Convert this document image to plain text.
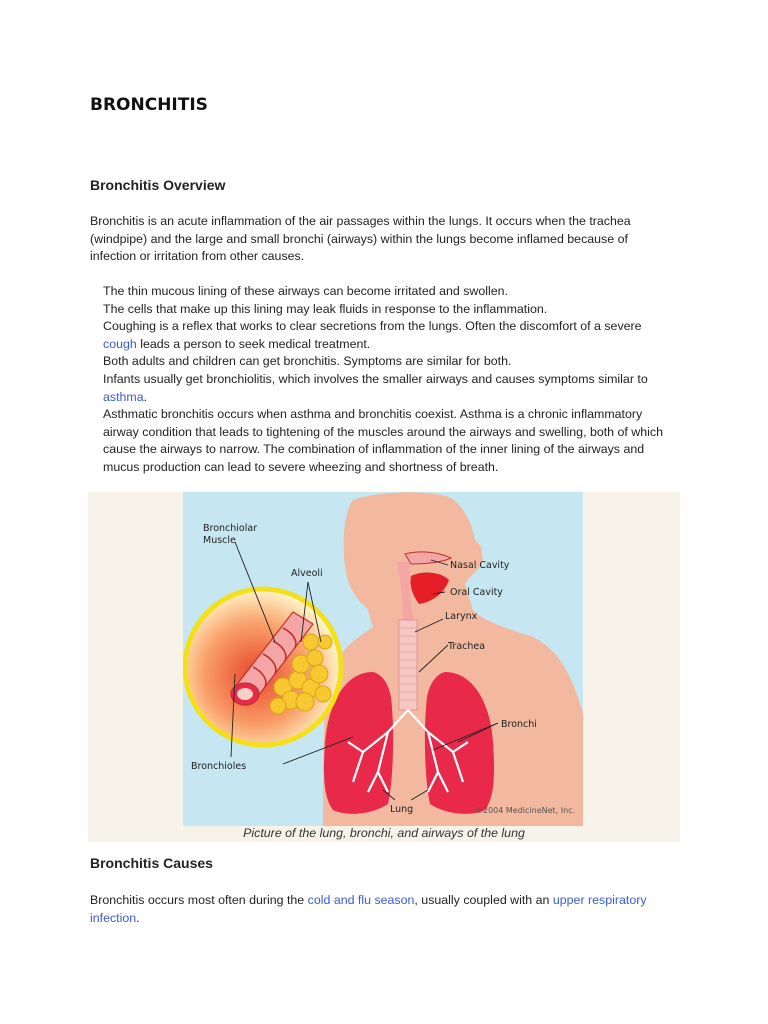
BRONCHITIS
Bronchitis Overview

Bronchitis is an acute inflammation of the air passages within the lungs. It occurs when the trachea (windpipe) and the large and small bronchi (airways) within the lungs become inflamed because of infection or irritation from other causes.

The thin mucous lining of these airways can become irritated and swollen.

The cells that make up this lining may leak fluids in response to the inflammation.

Coughing is a reflex that works to clear secretions from the lungs. Often the discomfort of a severe
cough leads a person to seek medical treatment.

Both adults and children can get bronchitis. Symptoms are similar for both.

Infants usually get bronchiolitis, which involves the smaller airways and causes symptoms similar to
asthma.

Asthmatic bronchitis occurs when asthma and bronchitis coexist. Asthma is a chronic inflammatory airway condition that leads to tightening of the muscles around the airways and swelling, both of which cause the airways to narrow. The combination of inflammation of the inner lining of the airways and mucus production can lead to severe wheezing and shortness of breath.

Bronchiolar
Muscle
Alveoli
Nasal Cavity
Oral Cavity
Larynx
Trachea
Bronchi
Bronchioles
Lung	©2004 MedicineNet, Inc.
Picture of the lung, bronchi, and airways of the lung
Bronchitis Causes

Bronchitis occurs most often during the cold and flu season, usually coupled with an upper respiratory infection.
